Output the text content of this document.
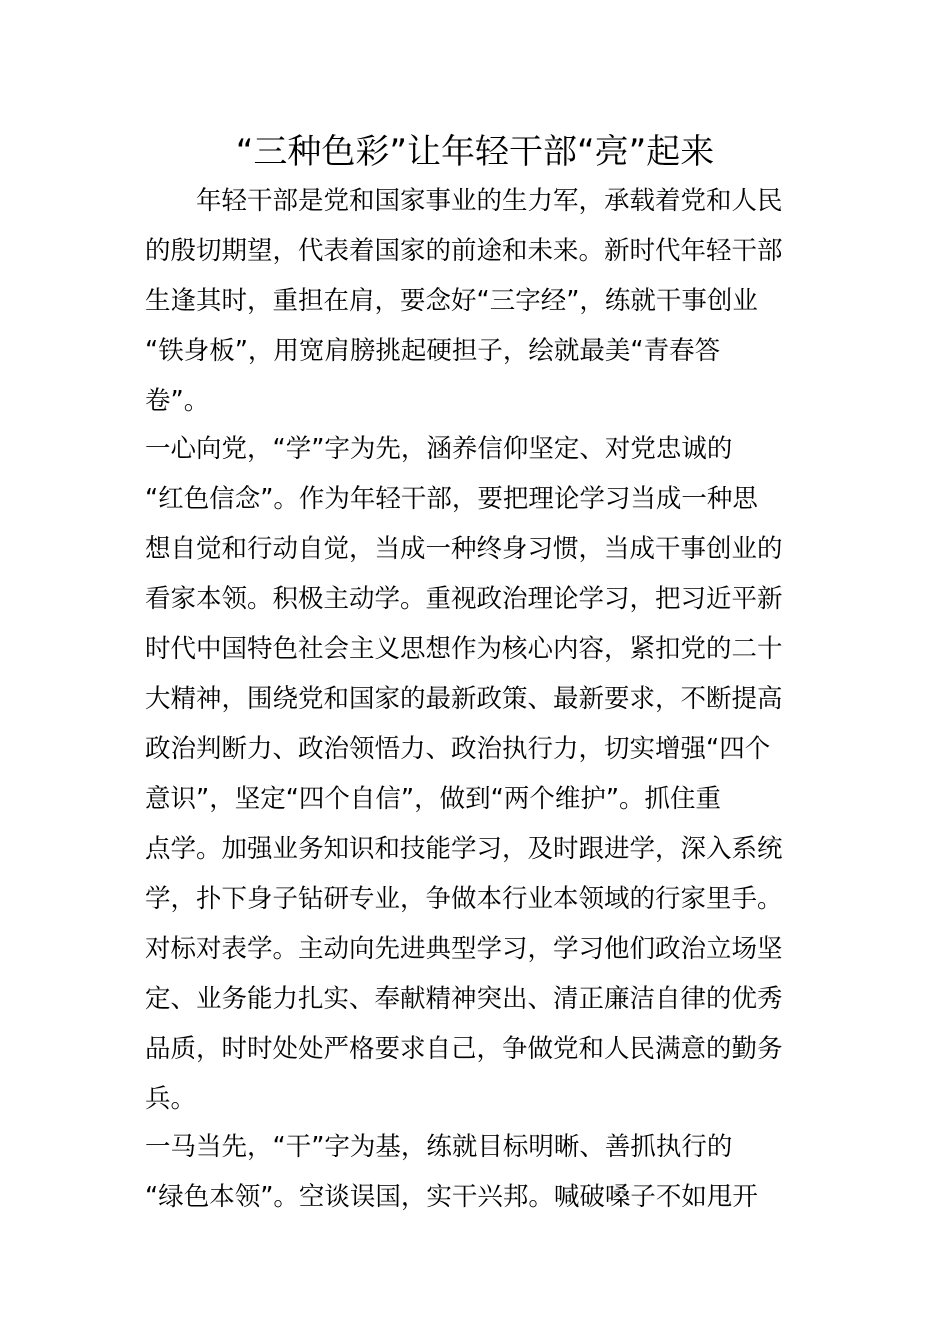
“三种色彩”让年轻干部“亮”起来
　　年轻干部是党和国家事业的生力军，承载着党和人民
的殷切期望，代表着国家的前途和未来。新时代年轻干部
生逢其时，重担在肩，要念好“三字经”，练就干事创业
“铁身板”，用宽肩膀挑起硬担子，绘就最美“青春答
卷”。
一心向党，“学”字为先，涵养信仰坚定、对党忠诚的
“红色信念”。作为年轻干部，要把理论学习当成一种思
想自觉和行动自觉，当成一种终身习惯，当成干事创业的
看家本领。积极主动学。重视政治理论学习，把习近平新
时代中国特色社会主义思想作为核心内容，紧扣党的二十
大精神，围绕党和国家的最新政策、最新要求，不断提高
政治判断力、政治领悟力、政治执行力，切实增强“四个
意识”，坚定“四个自信”，做到“两个维护”。抓住重
点学。加强业务知识和技能学习，及时跟进学，深入系统
学，扑下身子钻研专业，争做本行业本领域的行家里手。
对标对表学。主动向先进典型学习，学习他们政治立场坚
定、业务能力扎实、奉献精神突出、清正廉洁自律的优秀
品质，时时处处严格要求自己，争做党和人民满意的勤务
兵。
一马当先，“干”字为基，练就目标明晰、善抓执行的
“绿色本领”。空谈误国，实干兴邦。喊破嗓子不如甩开
